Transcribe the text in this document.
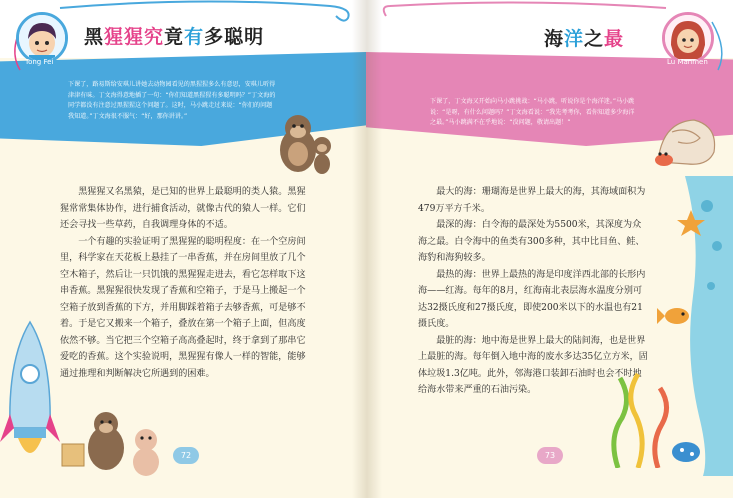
Tong Fei
黑猩猩究竟有多聪明
下课了，路易斯给安琪儿讲她去动物园看见的黑猩猩多么有意思，安琪儿听得津津有味。丁文海得意地插了一句：“你们知道黑猩猩有多聪明吗？”丁文海的同学都没有注意过黑猩猩这个问题了。这时，马小跳走过来说：“你们的问题我知道。”丁文海很不服气：“好，那你讲讲。”

黑猩猩又名黑猿，是已知的世界上最聪明的类人猿。黑猩猩常常集体协作，进行捕食活动，就像古代的猿人一样。它们还会寻找一些草药，自我调理身体的不适。

一个有趣的实验证明了黑猩猩的聪明程度：在一个空房间里，科学家在天花板上悬挂了一串香蕉，并在房间里放了几个空木箱子，然后让一只饥饿的黑猩猩走进去，看它怎样取下这串香蕉。黑猩猩很快发现了香蕉和空箱子，于是马上搬起一个空箱子放到香蕉的下方，并用脚踩着箱子去够香蕉，可是够不着。于是它又搬来一个箱子，叠放在第一个箱子上面，但高度依然不够。当它把三个空箱子高高叠起时，终于拿到了那串它爱吃的香蕉。这个实验说明，黑猩猩有像人一样的智能，能够通过推理和判断解决它所遇到的困难。

72
海洋之最
Lu Manmen
下课了，丁文海又开始向马小跳挑战：“马小跳，听说你是个海洋迷。”马小跳说：“是呀，有什么问题吗？”丁文海看说：“我先考考你，看你知道多少海洋之最。”马小跳满不在乎地说：“没问题，敬请出题！”

最大的海：珊瑚海是世界上最大的海，其海域面积为479万平方千米。

最深的海：白令海的最深处为5500米，其深度为众海之最。白令海中的鱼类有300多种，其中比目鱼、鲑、海豹和海狗较多。

最热的海：世界上最热的海是印度洋西北部的长形内海——红海。每年的8月，红海南北表层海水温度分别可达32摄氏度和27摄氏度，即使200米以下的水温也有21摄氏度。

最脏的海：地中海是世界上最大的陆间海，也是世界上最脏的海。每年倒入地中海的废水多达35亿立方米，固体垃圾1.3亿吨。此外，邻海港口装卸石油时也会不时地给海水带来严重的石油污染。

73
